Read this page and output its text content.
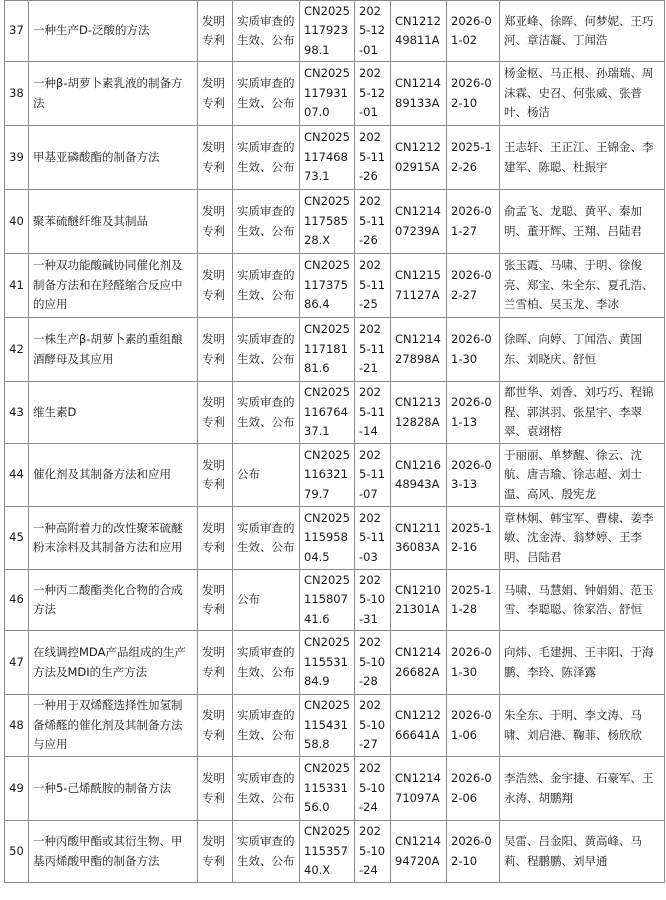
37	一种生产D-泛酸的方法	发明专利	实质审查的生效、公布	CN2025117923 98.1	2025-12-01	CN121249811A	2026-01-02	郑亚峰、徐晖、何梦妮、王巧河、章洁凝、丁闻浩
38	一种β-胡萝卜素乳液的制备方法	发明专利	实质审查的生效、公布	CN2025117931 07.0	2025-12-01	CN121489133A	2026-02-10	杨金枢、马正根、孙瑞瑞、周沫霖、史召、何张威、张普叶、杨洁
39	甲基亚磷酸酯的制备方法	发明专利	实质审查的生效、公布	CN2025117468 73.1	2025-11-26	CN121202915A	2025-12-26	王志轩、王正江、王锦金、李建军、陈聪、杜振宇
40	聚苯硫醚纤维及其制品	发明专利	实质审查的生效、公布	CN2025117585 28.X	2025-11-26	CN121407239A	2026-01-27	俞孟飞、龙聪、黄平、秦加明、董开辉、王翔、吕陆君
41	一种双功能酸碱协同催化剂及制备方法和在羟醛缩合反应中的应用	发明专利	实质审查的生效、公布	CN2025117375 86.4	2025-11-25	CN121571127A	2026-02-27	张玉霞、马啸、于明、徐俊亮、郑宝、朱全东、夏孔浩、兰雪柏、吴玉龙、李冰
42	一株生产β-胡萝卜素的重组酿酒酵母及其应用	发明专利	实质审查的生效、公布	CN2025117181 81.6	2025-11-21	CN121427898A	2026-01-30	徐晖、向婷、丁闻浩、黄国东、刘晓庆、舒恒
43	维生素D	发明专利	实质审查的生效、公布	CN2025116764 37.1	2025-11-14	CN121312828A	2026-01-13	都世华、刘香、刘巧巧、程锦程、郭淇羽、张星宇、李翠翠、袁翊榕
44	催化剂及其制备方法和应用	发明专利	公布	CN2025116321 79.7	2025-11-07	CN121648943A	2026-03-13	于丽丽、单梦醒、徐云、沈航、唐吉瑜、徐志超、刘士温、高风、殷宪龙
45	一种高附着力的改性聚苯硫醚粉末涂料及其制备方法和应用	发明专利	实质审查的生效、公布	CN2025115958 04.5	2025-11-03	CN121136083A	2025-12-16	章林炯、韩宝军、曹棣、姜李敏、沈金涛、翁梦婷、王李明、吕陆君
46	一种丙二酸酯类化合物的合成方法	发明专利	公布	CN2025115807 41.6	2025-10-31	CN121021301A	2025-11-28	马啸、马慧娟、钟娟娟、范玉雪、李聪聪、徐家浩、舒恒
47	在线调控MDA产品组成的生产方法及MDI的生产方法	发明专利	实质审查的生效、公布	CN2025115531 84.9	2025-10-28	CN121426682A	2026-01-30	向炜、毛建拥、王丰阳、于海鹏、李玲、陈泽露
48	一种用于双烯醛选择性加氢制备烯醛的催化剂及其制备方法与应用	发明专利	实质审查的生效、公布	CN2025115431 58.8	2025-10-27	CN121266641A	2026-01-06	朱全东、于明、李文涛、马啸、刘启港、鞠菲、杨欣欣
49	一种5-己烯酰胺的制备方法	发明专利	实质审查的生效、公布	CN2025115331 56.0	2025-10-24	CN121471097A	2026-02-06	李浩然、金宇捷、石豪军、王永涛、胡鹏翔
50	一种丙酸甲酯或其衍生物、甲基丙烯酸甲酯的制备方法	发明专利	实质审查的生效、公布	CN2025115357 40.X	2025-10-24	CN121494720A	2026-02-10	吴雷、吕金阳、黄高峰、马莉、程鹏鹏、刘早通
